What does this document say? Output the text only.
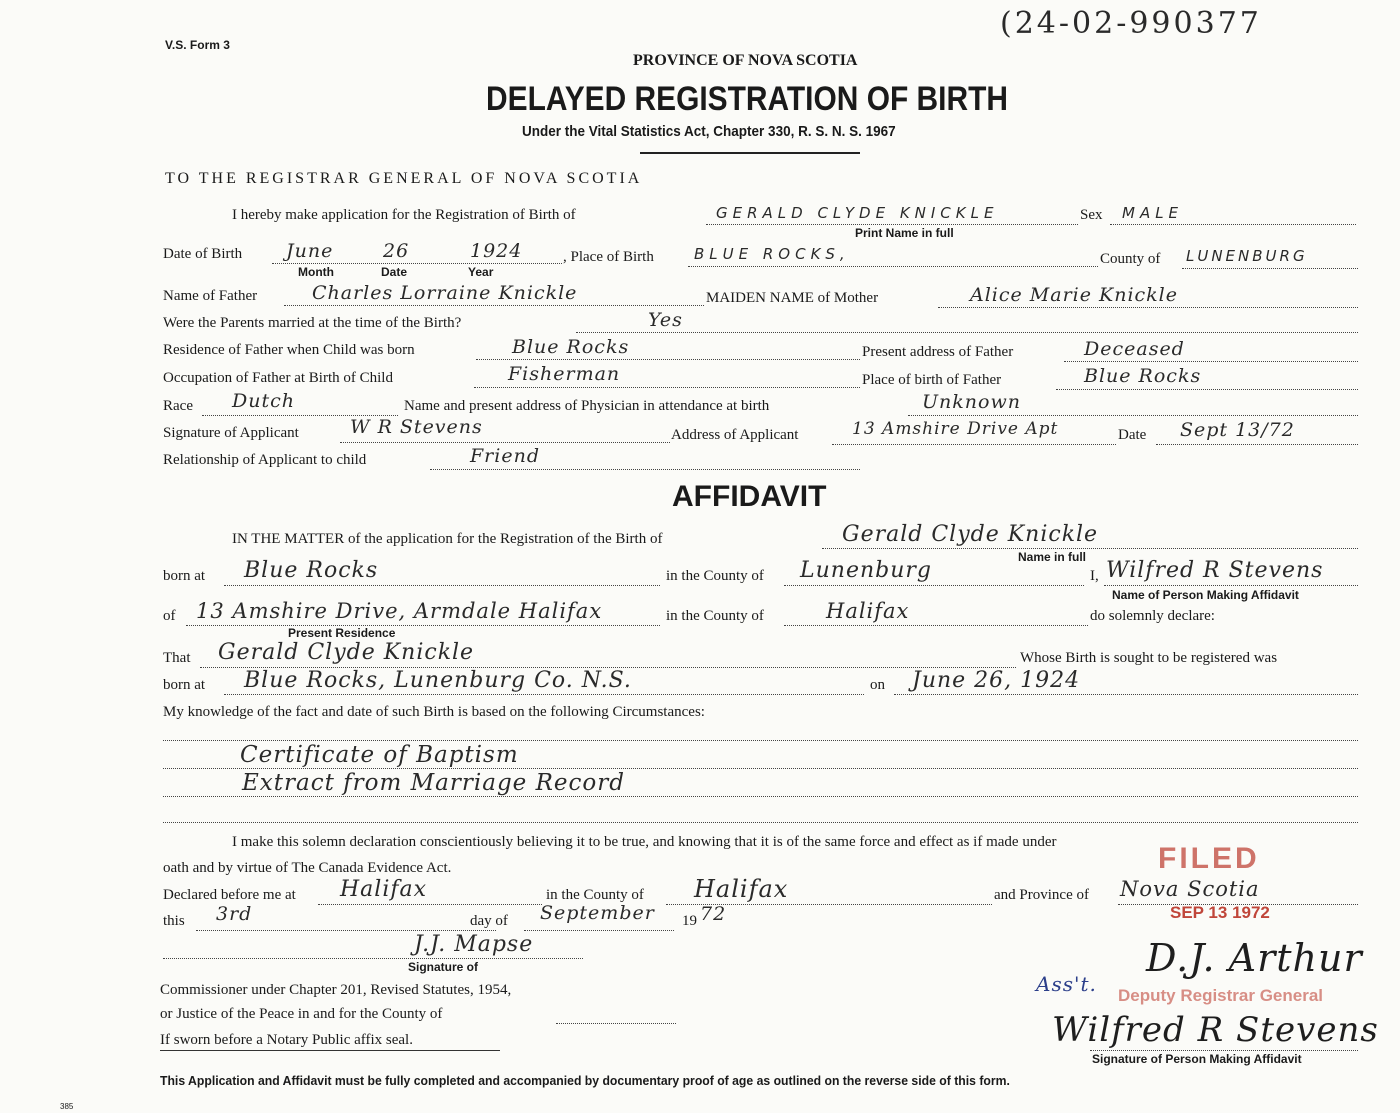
V.S. Form 3
(24-02-990377
PROVINCE OF NOVA SCOTIA
DELAYED REGISTRATION OF BIRTH
Under the Vital Statistics Act, Chapter 330, R. S. N. S. 1967
TO THE REGISTRAR GENERAL OF NOVA SCOTIA
I hereby make application for the Registration of Birth of	GERALD CLYDE KNICKLE	Sex MALE
Print Name in full
Date of Birth June	26	1924
Month	Date	Year
, Place of Birth	BLUE ROCKS,	County of LUNENBURG
Name of Father	Charles Lorraine Knickle	MAIDEN NAME of Mother	Alice Marie Knickle
Were the Parents married at the time of the Birth?	Yes
Residence of Father when Child was born	Blue Rocks	Present address of Father	Deceased
Occupation of Father at Birth of Child	Fisherman	Place of birth of Father	Blue Rocks
Race Dutch	Name and present address of Physician in attendance at birth	Unknown
Signature of Applicant	W R Stevens	Address of Applicant	13 Amshire Drive Apt	Date Sept 13/72
Relationship of Applicant to child	Friend
AFFIDAVIT
IN THE MATTER of the application for the Registration of the Birth of	Gerald Clyde Knickle
Name in full
born at Blue Rocks	in the County of Lunenburg	I, Wilfred R Stevens
Name of Person Making Affidavit
of 13 Amshire Drive, Armdale Halifax
Present Residence
in the County of	Halifax	do solemnly declare:
That Gerald Clyde Knickle	Whose Birth is sought to be registered was
born at Blue Rocks, Lunenburg Co. N.S.	on June 26, 1924
My knowledge of the fact and date of such Birth is based on the following Circumstances:
Certificate of Baptism
Extract from Marriage Record
I make this solemn declaration conscientiously believing it to be true, and knowing that it is of the same force and effect as if made under
oath and by virtue of The Canada Evidence Act.
Declared before me at Halifax	in the County of Halifax	and Province of Nova Scotia
this 3rd	day of September 19 72
J.J. Mapse
Signature of
Commissioner under Chapter 201, Revised Statutes, 1954,
or Justice of the Peace in and for the County of
If sworn before a Notary Public affix seal.
FILED
SEP 13 1972
D.J. Arthur
Ass't. Deputy Registrar General
Wilfred R Stevens
Signature of Person Making Affidavit
This Application and Affidavit must be fully completed and accompanied by documentary proof of age as outlined on the reverse side of this form.
385
